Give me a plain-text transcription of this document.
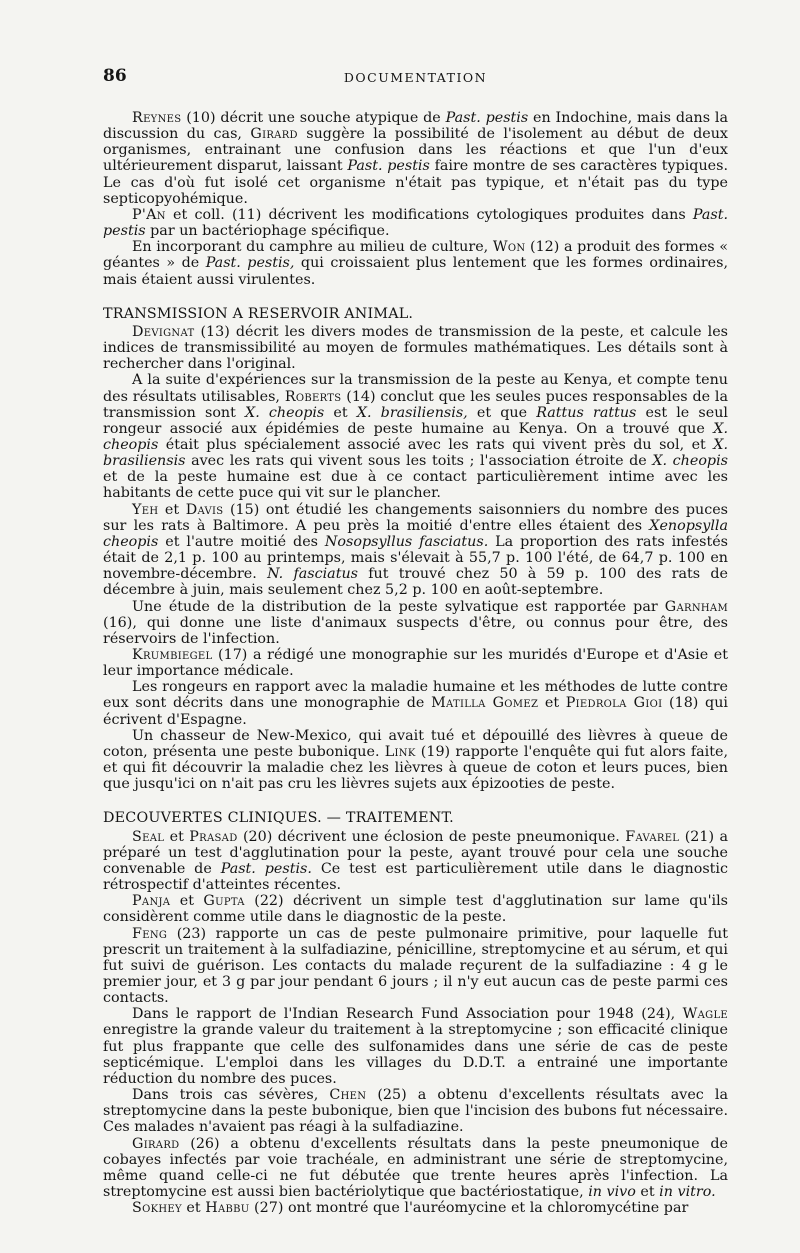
86	DOCUMENTATION

Reynes (10) décrit une souche atypique de Past. pestis en Indochine, mais dans la discussion du cas, Girard suggère la possibilité de l'isolement au début de deux organismes, entrainant une confusion dans les réactions et que l'un d'eux ultérieurement disparut, laissant Past. pestis faire montre de ses caractères typiques. Le cas d'où fut isolé cet organisme n'était pas typique, et n'était pas du type septicopyohémique.

P'An et coll. (11) décrivent les modifications cytologiques produites dans Past. pestis par un bactériophage spécifique.

En incorporant du camphre au milieu de culture, Won (12) a produit des formes « géantes » de Past. pestis, qui croissaient plus lentement que les formes ordinaires, mais étaient aussi virulentes.

TRANSMISSION A RESERVOIR ANIMAL.

Devignat (13) décrit les divers modes de transmission de la peste, et calcule les indices de transmissibilité au moyen de formules mathématiques. Les détails sont à rechercher dans l'original.

A la suite d'expériences sur la transmission de la peste au Kenya, et compte tenu des résultats utilisables, Roberts (14) conclut que les seules puces responsables de la transmission sont X. cheopis et X. brasiliensis, et que Rattus rattus est le seul rongeur associé aux épidémies de peste humaine au Kenya. On a trouvé que X. cheopis était plus spécialement associé avec les rats qui vivent près du sol, et X. brasiliensis avec les rats qui vivent sous les toits ; l'association étroite de X. cheopis et de la peste humaine est due à ce contact particulièrement intime avec les habitants de cette puce qui vit sur le plancher.

Yeh et Davis (15) ont étudié les changements saisonniers du nombre des puces sur les rats à Baltimore. A peu près la moitié d'entre elles étaient des Xenopsylla cheopis et l'autre moitié des Nosopsyllus fasciatus. La proportion des rats infestés était de 2,1 p. 100 au printemps, mais s'élevait à 55,7 p. 100 l'été, de 64,7 p. 100 en novembre-décembre. N. fasciatus fut trouvé chez 50 à 59 p. 100 des rats de décembre à juin, mais seulement chez 5,2 p. 100 en août-septembre.

Une étude de la distribution de la peste sylvatique est rapportée par Garnham (16), qui donne une liste d'animaux suspects d'être, ou connus pour être, des réservoirs de l'infection.

Krumbiegel (17) a rédigé une monographie sur les muridés d'Europe et d'Asie et leur importance médicale.

Les rongeurs en rapport avec la maladie humaine et les méthodes de lutte contre eux sont décrits dans une monographie de Matilla Gomez et Piedrola Gioi (18) qui écrivent d'Espagne.

Un chasseur de New-Mexico, qui avait tué et dépouillé des lièvres à queue de coton, présenta une peste bubonique. Link (19) rapporte l'enquête qui fut alors faite, et qui fit découvrir la maladie chez les lièvres à queue de coton et leurs puces, bien que jusqu'ici on n'ait pas cru les lièvres sujets aux épizooties de peste.

DECOUVERTES CLINIQUES. — TRAITEMENT.

Seal et Prasad (20) décrivent une éclosion de peste pneumonique. Favarel (21) a préparé un test d'agglutination pour la peste, ayant trouvé pour cela une souche convenable de Past. pestis. Ce test est particulièrement utile dans le diagnostic rétrospectif d'atteintes récentes.

Panja et Gupta (22) décrivent un simple test d'agglutination sur lame qu'ils considèrent comme utile dans le diagnostic de la peste.

Feng (23) rapporte un cas de peste pulmonaire primitive, pour laquelle fut prescrit un traitement à la sulfadiazine, pénicilline, streptomycine et au sérum, et qui fut suivi de guérison. Les contacts du malade reçurent de la sulfadiazine : 4 g le premier jour, et 3 g par jour pendant 6 jours ; il n'y eut aucun cas de peste parmi ces contacts.

Dans le rapport de l'Indian Research Fund Association pour 1948 (24), Wagle enregistre la grande valeur du traitement à la streptomycine ; son efficacité clinique fut plus frappante que celle des sulfonamides dans une série de cas de peste septicémique. L'emploi dans les villages du D.D.T. a entrainé une importante réduction du nombre des puces.

Dans trois cas sévères, Chen (25) a obtenu d'excellents résultats avec la streptomycine dans la peste bubonique, bien que l'incision des bubons fut nécessaire. Ces malades n'avaient pas réagi à la sulfadiazine.

Girard (26) a obtenu d'excellents résultats dans la peste pneumonique de cobayes infectés par voie trachéale, en administrant une série de streptomycine, même quand celle-ci ne fut débutée que trente heures après l'infection. La streptomycine est aussi bien bactériolytique que bactériostatique, in vivo et in vitro.

Sokhey et Habbu (27) ont montré que l'auréomycine et la chloromycétine par
